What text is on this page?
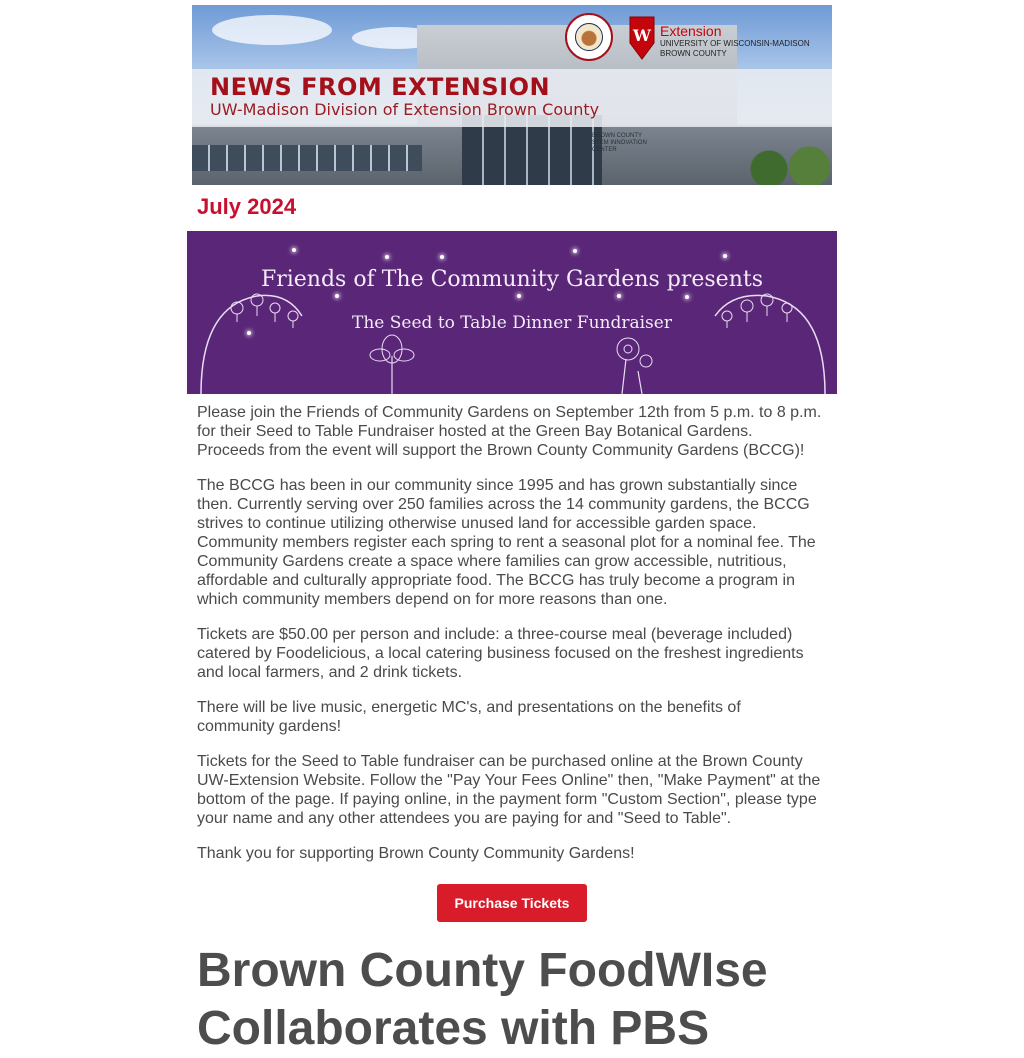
BROWN COUNTY STEM INNOVATION CENTER
NEWS FROM EXTENSION
UW-Madison Division of Extension Brown County
W Extension
UNIVERSITY OF WISCONSIN-MADISON
BROWN COUNTY
July 2024
Friends of The Community Gardens presents
The Seed to Table Dinner Fundraiser

Please join the Friends of Community Gardens on September 12th from 5 p.m. to 8 p.m. for their Seed to Table Fundraiser hosted at the Green Bay Botanical Gardens. Proceeds from the event will support the Brown County Community Gardens (BCCG)!

The BCCG has been in our community since 1995 and has grown substantially since then. Currently serving over 250 families across the 14 community gardens, the BCCG strives to continue utilizing otherwise unused land for accessible garden space. Community members register each spring to rent a seasonal plot for a nominal fee. The Community Gardens create a space where families can grow accessible, nutritious, affordable and culturally appropriate food. The BCCG has truly become a program in which community members depend on for more reasons than one.

Tickets are $50.00 per person and include: a three-course meal (beverage included) catered by Foodelicious, a local catering business focused on the freshest ingredients and local farmers, and 2 drink tickets.

There will be live music, energetic MC's, and presentations on the benefits of community gardens!

Tickets for the Seed to Table fundraiser can be purchased online at the Brown County UW-Extension Website. Follow the "Pay Your Fees Online" then, "Make Payment" at the bottom of the page. If paying online, in the payment form "Custom Section", please type your name and any other attendees you are paying for and "Seed to Table".

Thank you for supporting Brown County Community Gardens!

Purchase Tickets
Brown County FoodWIse Collaborates with PBS
